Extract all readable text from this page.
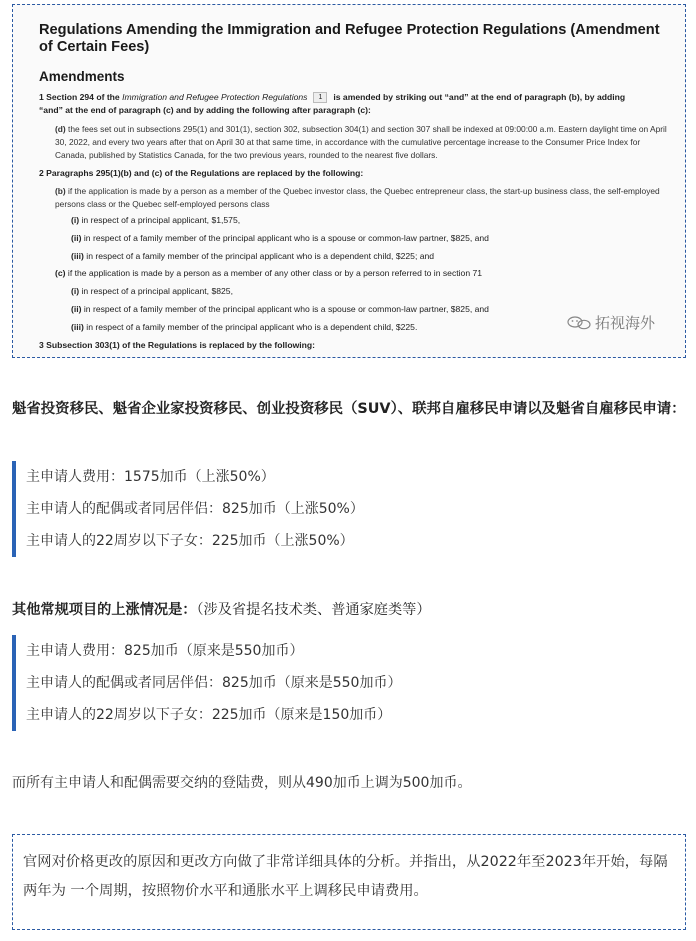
Regulations Amending the Immigration and Refugee Protection Regulations (Amendment of Certain Fees)
Amendments
1 Section 294 of the Immigration and Refugee Protection Regulations 1 is amended by striking out “and” at the end of paragraph (b), by adding
“and” at the end of paragraph (c) and by adding the following after paragraph (c):
(d) the fees set out in subsections 295(1) and 301(1), section 302, subsection 304(1) and section 307 shall be indexed at 09:00:00 a.m. Eastern daylight time on April 30, 2022, and every two years after that on April 30 at that same time, in accordance with the cumulative percentage increase to the Consumer Price Index for Canada, published by Statistics Canada, for the two previous years, rounded to the nearest five dollars.
2 Paragraphs 295(1)(b) and (c) of the Regulations are replaced by the following:
(b) if the application is made by a person as a member of the Quebec investor class, the Quebec entrepreneur class, the start-up business class, the self-employed persons class or the Quebec self-employed persons class
(i) in respect of a principal applicant, $1,575,
(ii) in respect of a family member of the principal applicant who is a spouse or common-law partner, $825, and
(iii) in respect of a family member of the principal applicant who is a dependent child, $225; and
(c) if the application is made by a person as a member of any other class or by a person referred to in section 71
(i) in respect of a principal applicant, $825,
(ii) in respect of a family member of the principal applicant who is a spouse or common-law partner, $825, and
(iii) in respect of a family member of the principal applicant who is a dependent child, $225.
3 Subsection 303(1) of the Regulations is replaced by the following:
拓视海外
魁省投资移民、魁省企业家投资移民、创业投资移民（SUV）、联邦自雇移民申请以及魁省自雇移民申请：
主申请人费用：1575加币（上涨50%）
主申请人的配偶或者同居伴侣：825加币（上涨50%）
主申请人的22周岁以下子女：225加币（上涨50%）
其他常规项目的上涨情况是：（涉及省提名技术类、普通家庭类等）
主申请人费用：825加币（原来是550加币）
主申请人的配偶或者同居伴侣：825加币（原来是550加币）
主申请人的22周岁以下子女：225加币（原来是150加币）
而所有主申请人和配偶需要交纳的登陆费，则从490加币上调为500加币。
官网对价格更改的原因和更改方向做了非常详细具体的分析。并指出，从2022年至2023年开始，每隔两年为 一个周期，按照物价水平和通胀水平上调移民申请费用。
